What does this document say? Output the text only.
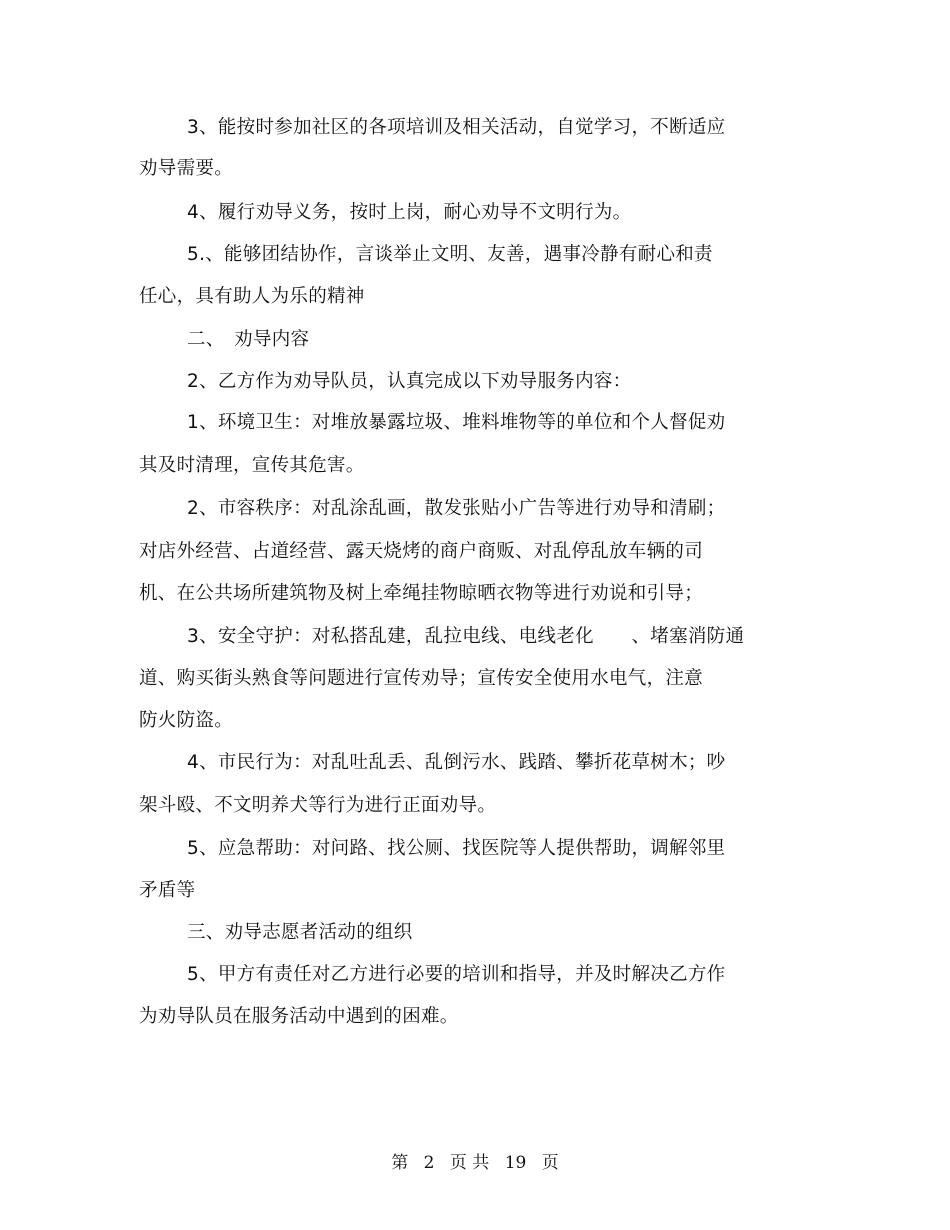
3、能按时参加社区的各项培训及相关活动，自觉学习，不断适应
劝导需要。
4、履行劝导义务，按时上岗，耐心劝导不文明行为。
5.、能够团结协作，言谈举止文明、友善，遇事冷静有耐心和责
任心，具有助人为乐的精神
二、　劝导内容
2、乙方作为劝导队员，认真完成以下劝导服务内容：
1、环境卫生：对堆放暴露垃圾、堆料堆物等的单位和个人督促劝
其及时清理，宣传其危害。
2、市容秩序：对乱涂乱画，散发张贴小广告等进行劝导和清刷；
对店外经营、占道经营、露天烧烤的商户商贩、对乱停乱放车辆的司
机、在公共场所建筑物及树上牵绳挂物晾晒衣物等进行劝说和引导；
3、安全守护：对私搭乱建，乱拉电线、电线老化　　、堵塞消防通
道、购买街头熟食等问题进行宣传劝导；宣传安全使用水电气，注意
防火防盗。
4、市民行为：对乱吐乱丢、乱倒污水、践踏、攀折花草树木；吵
架斗殴、不文明养犬等行为进行正面劝导。
5、应急帮助：对问路、找公厕、找医院等人提供帮助，调解邻里
矛盾等
三、劝导志愿者活动的组织
5、甲方有责任对乙方进行必要的培训和指导，并及时解决乙方作
为劝导队员在服务活动中遇到的困难。
第 2 页 共 19 页
